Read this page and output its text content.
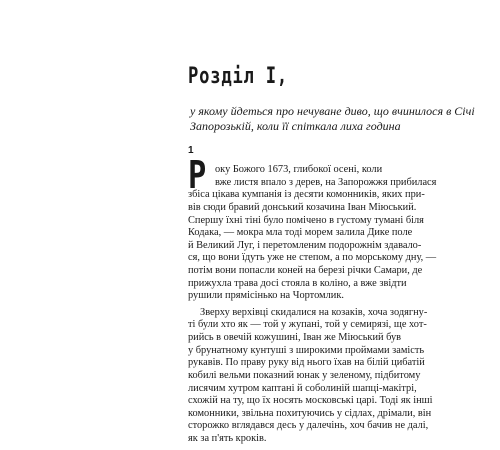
Розділ I,

у якому йдеться про нечуване диво, що вчинилося в Січі Запорозькій, коли її спіткала лиха година

1

Р оку Божого 1673, глибокої осені, коли

вже листя впало з дерев, на Запорожжя прибилася

збіса цікава кумпанія із десяти комонників, яких при-

вів сюди бравий донський козачина Іван Міюський.

Спершу їхні тіні було помічено в густому тумані біля

Кодака, — мокра мла тоді морем залила Дике поле

й Великий Луг, і перетомленим подорожнім здавало-

ся, що вони їдуть уже не степом, а по морському дну, —

потім вони попасли коней на березі річки Самари, де

прижухла трава досі стояла в коліно, а вже звідти

рушили прямісінько на Чортомлик.

Зверху верхівці скидалися на козаків, хоча зодягну-

ті були хто як — той у жупані, той у семирязі, ще хот-

рийсь в овечій кожушині, Іван же Міюський був

у брунатному кунтуші з широкими проймами замість

рукавів. По праву руку від нього їхав на білій цибатій

кобилі вельми показний юнак у зеленому, підбитому

лисячим хутром каптані й соболиній шапці-макітрі,

схожій на ту, що їх носять московські царі. Тоді як інші

комонники, звільна похитуючись у сідлах, дрімали, він

сторожко вглядався десь у далечінь, хоч бачив не далі,

як за п'ять кроків.
